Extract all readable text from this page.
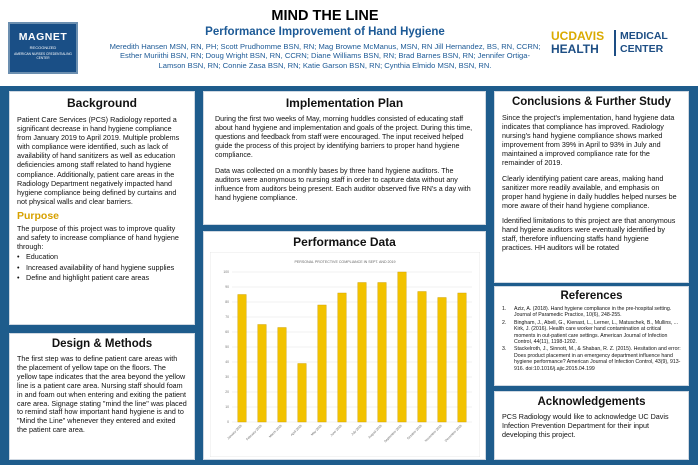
MAGNET
RECOGNIZED
AMERICAN NURSES CREDENTIALING CENTER
MIND THE LINE
Performance Improvement of Hand Hygiene
Meredith Hansen MSN, RN, PH; Scott Prudhomme BSN, RN; Mag Browne McManus, MSN, RN Jill Hernandez, BS, RN, CCRN;
Esther Muriithi BSN, RN; Doug Wright BSN, RN, CCRN; Diane Williams BSN, RN; Brad Barnes BSN, RN; Jennifer Ortiga-
Lamson BSN, RN; Connie Zasa BSN, RN; Katie Garson BSN, RN; Cynthia Elmido MSN, BSN, RN.
UCDAVIS
HEALTH
MEDICAL
CENTER
Background
Patient Care Services (PCS) Radiology reported a significant decrease in hand hygiene compliance from January 2019 to April 2019. Multiple problems with compliance were identified, such as lack of availability of hand sanitizers as well as education deficiencies among staff related to hand hygiene compliance. Additionally, patient care areas in the Radiology Department negatively impacted hand hygiene compliance being defined by curtains and not physical walls and clear barriers.
Purpose
The purpose of this project was to improve quality and safety to increase compliance of hand hygiene through:
• Education
• Increased availability of hand hygiene supplies
• Define and highlight patient care areas
Design & Methods
The first step was to define patient care areas with the placement of yellow tape on the floors. The yellow tape indicates that the area beyond the yellow line is a patient care area. Nursing staff should foam in and foam out when entering and exiting the patient care area. Signage stating "mind the line" was placed to remind staff how important hand hygiene is and to "Mind the Line" whenever they entered and exited the patient care area.
Implementation Plan
During the first two weeks of May, morning huddles consisted of educating staff about hand hygiene and implementation and goals of the project. During this time, questions and feedback from staff were encouraged. The input received helped guide the process of this project by identifying barriers to proper hand hygiene compliance.
Data was collected on a monthly bases by three hand hygiene auditors. The auditors were anonymous to nursing staff in order to capture data without any influence from auditors being present. Each auditor observed five RN's a day with hand hygiene compliance.
Performance Data
PERSONAL PROTECTIVE COMPLIANCE IN SEPT. AND 2019
0
10
20
30
40
50
60
70
80
90
100
January 2019 February 2019 March 2019 April 2019 May 2019 June 2019 July 2019 August 2019 September 2019 October 2019 November 2019 December 2019
Conclusions & Further Study
Since the project's implementation, hand hygiene data indicates that compliance has improved. Radiology nursing's hand hygiene compliance shows marked improvement from 39% in April to 93% in July and maintained a improved compliance rate for the remainder of 2019.
Clearly identifying patient care areas, making hand sanitizer more readily available, and emphasis on proper hand hygiene in daily huddles helped nurses be more aware of their hand hygiene compliance.
Identified limitations to this project are that anonymous hand hygiene auditors were eventually identified by staff, therefore influencing staffs hand hygiene practices. HH auditors will be rotated
References
1. Aziz, A. (2018). Hand hygiene compliance in the pre-hospital setting. Journal of Paramedic Practice, 10(6), 248-255.
2. Bingham, J., Abell, G., Kienast, L., Lerner, L., Matuschek, B., Mullins, ... Kirk, J. (2016). Health care worker hand contamination at critical moments in out-patient care settings. American Journal of Infection Control, 44(11), 1198-1202.
3. Stackelroth, J., Sinnott, M., & Shaban, R. Z. (2015). Hesitation and error: Does product placement in an emergency department influence hand hygiene performance? American Journal of Infection Control, 43(9), 913-916. doi:10.1016/j.ajic.2015.04.199
Acknowledgements
PCS Radiology would like to acknowledge UC Davis Infection Prevention Department for their input developing this project.
